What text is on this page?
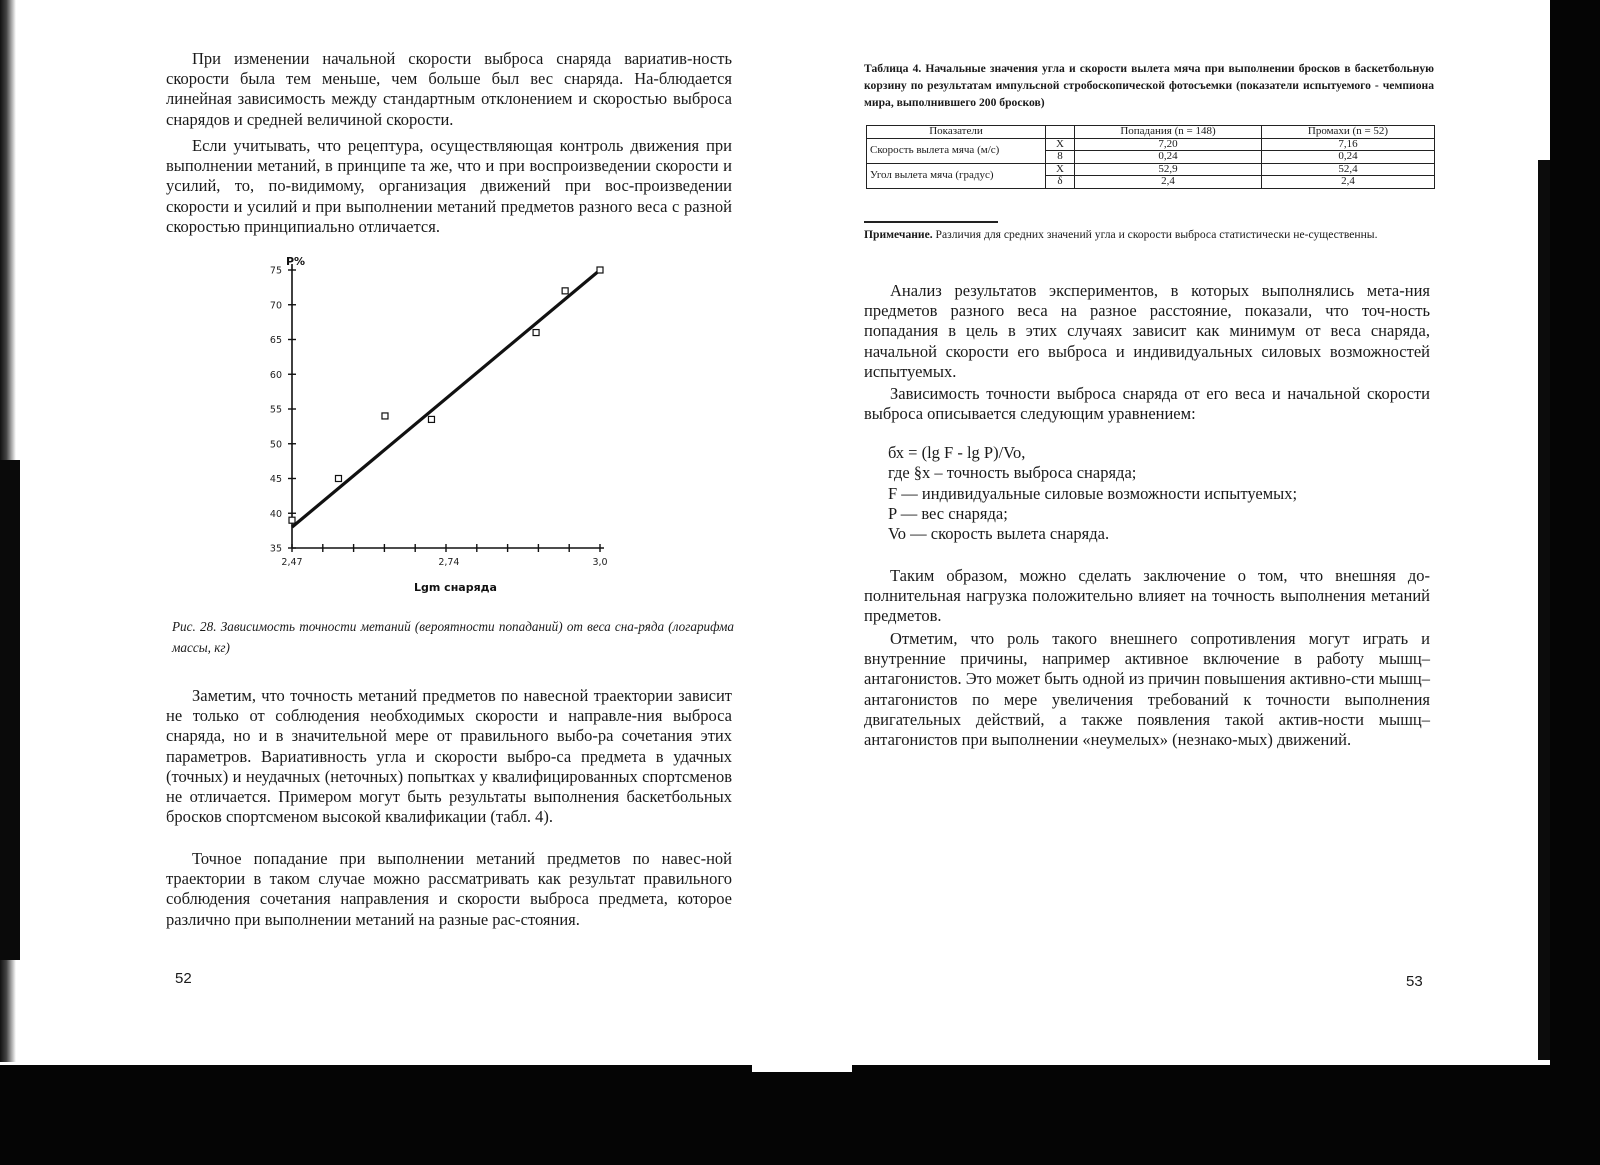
При изменении начальной скорости выброса снаряда вариатив-ность скорости была тем меньше, чем больше был вес снаряда. На-блюдается линейная зависимость между стандартным отклонением и скоростью выброса снарядов и средней величиной скорости.

Если учитывать, что рецептура, осуществляющая контроль движения при выполнении метаний, в принципе та же, что и при воспроизведении скорости и усилий, то, по-видимому, организация движений при вос-произведении скорости и усилий и при выполнении метаний предметов разного веса с разной скоростью принципиально отличается.

35
40
45
50
55
60
65
70
75
2,47	2,74	3,0
P%
Lgm снаряда

Рис. 28. Зависимость точности метаний (вероятности попаданий) от веса сна-ряда (логарифма массы, кг)

Заметим, что точность метаний предметов по навесной траектории зависит не только от соблюдения необходимых скорости и направле-ния выброса снаряда, но и в значительной мере от правильного выбо-ра сочетания этих параметров. Вариативность угла и скорости выбро-са предмета в удачных (точных) и неудачных (неточных) попытках у квалифицированных спортсменов не отличается. Примером могут быть результаты выполнения баскетбольных бросков спортсменом высокой квалификации (табл. 4).

Точное попадание при выполнении метаний предметов по навес-ной траектории в таком случае можно рассматривать как результат правильного соблюдения сочетания направления и скорости выброса предмета, которое различно при выполнении метаний на разные рас-стояния.

52

Таблица 4. Начальные значения угла и скорости вылета мяча при выполнении бросков в баскетбольную корзину по результатам импульсной стробоскопической фотосъемки (показатели испытуемого - чемпиона мира, выполнившего 200 бросков)

Показатели		Попадания (n = 148)	Промахи (n = 52)
Скорость вылета мяча (м/с)	X	7,20	7,16
	8	0,24	0,24
Угол вылета мяча (градус)	X	52,9	52,4
	δ	2,4	2,4

Примечание. Различия для средних значений угла и скорости выброса статистически не-существенны.

Анализ результатов экспериментов, в которых выполнялись мета-ния предметов разного веса на разное расстояние, показали, что точ-ность попадания в цель в этих случаях зависит как минимум от веса снаряда, начальной скорости его выброса и индивидуальных силовых возможностей испытуемых.

Зависимость точности выброса снаряда от его веса и начальной скорости выброса описывается следующим уравнением:

бх = (lg F - lg P)/Vo,

где §х – точность выброса снаряда;

F — индивидуальные силовые возможности испытуемых;

P — вес снаряда;

Vo — скорость вылета снаряда.

Таким образом, можно сделать заключение о том, что внешняя до-полнительная нагрузка положительно влияет на точность выполнения метаний предметов.

Отметим, что роль такого внешнего сопротивления могут играть и внутренние причины, например активное включение в работу мышц–антагонистов. Это может быть одной из причин повышения активно-сти мышц–антагонистов по мере увеличения требований к точности выполнения двигательных действий, а также появления такой актив-ности мышц–антагонистов при выполнении «неумелых» (незнако-мых) движений.

53
